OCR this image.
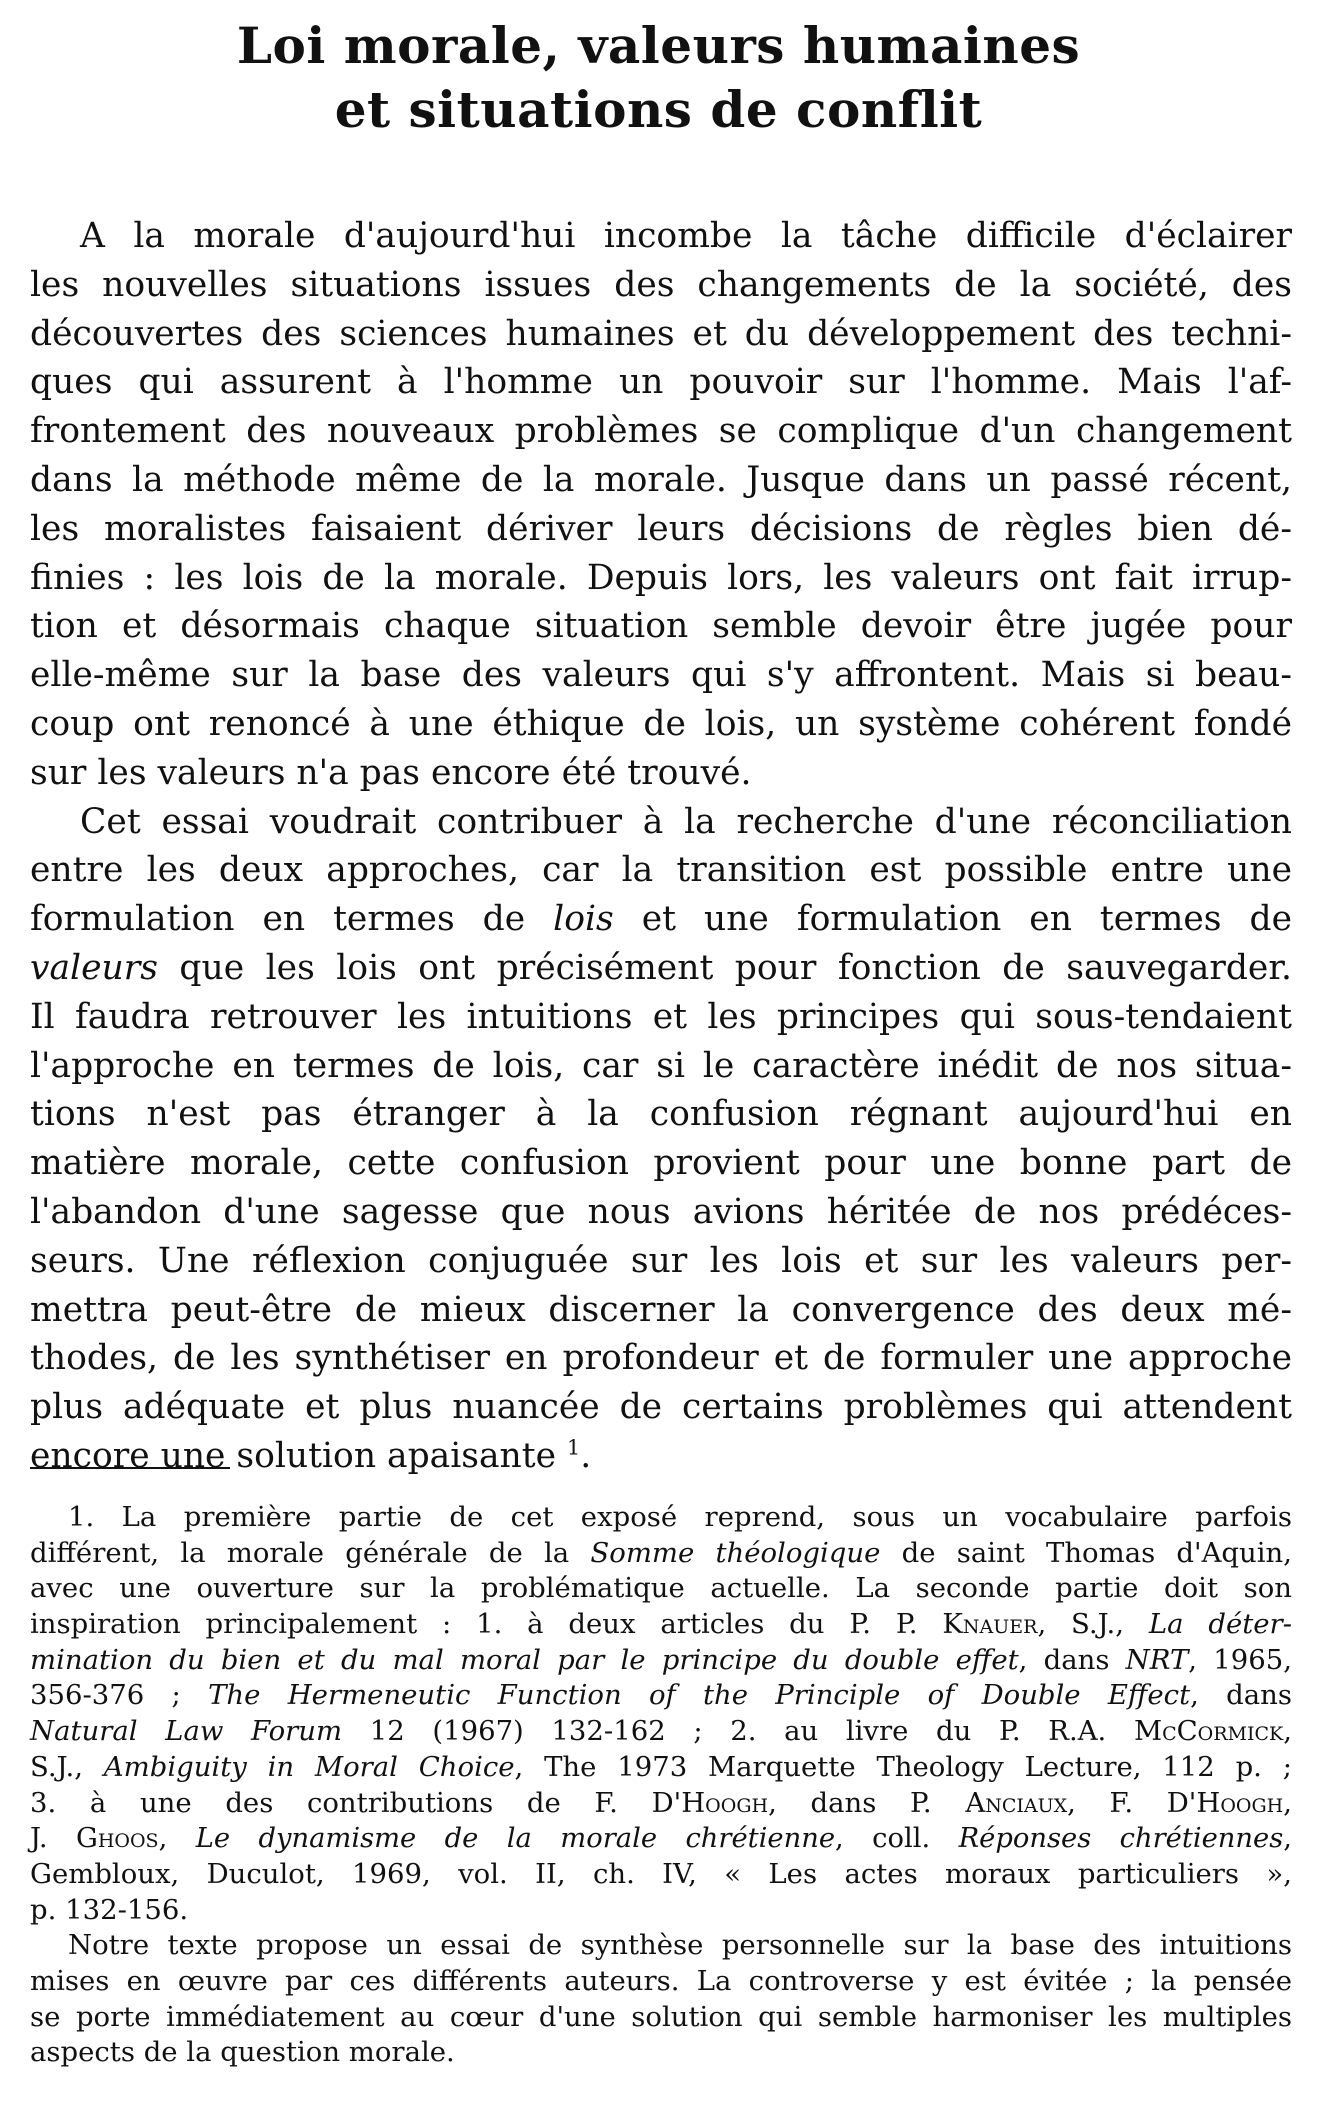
Loi morale, valeurs humaines
et situations de conflit

A la morale d'aujourd'hui incombe la tâche difficile d'éclairer
les nouvelles situations issues des changements de la société, des
découvertes des sciences humaines et du développement des techni-
ques qui assurent à l'homme un pouvoir sur l'homme. Mais l'af-
frontement des nouveaux problèmes se complique d'un changement
dans la méthode même de la morale. Jusque dans un passé récent,
les moralistes faisaient dériver leurs décisions de règles bien dé-
finies : les lois de la morale. Depuis lors, les valeurs ont fait irrup-
tion et désormais chaque situation semble devoir être jugée pour
elle-même sur la base des valeurs qui s'y affrontent. Mais si beau-
coup ont renoncé à une éthique de lois, un système cohérent fondé
sur les valeurs n'a pas encore été trouvé.

Cet essai voudrait contribuer à la recherche d'une réconciliation
entre les deux approches, car la transition est possible entre une
formulation en termes de lois et une formulation en termes de
valeurs que les lois ont précisément pour fonction de sauvegarder.
Il faudra retrouver les intuitions et les principes qui sous-tendaient
l'approche en termes de lois, car si le caractère inédit de nos situa-
tions n'est pas étranger à la confusion régnant aujourd'hui en
matière morale, cette confusion provient pour une bonne part de
l'abandon d'une sagesse que nous avions héritée de nos prédéces-
seurs. Une réflexion conjuguée sur les lois et sur les valeurs per-
mettra peut-être de mieux discerner la convergence des deux mé-
thodes, de les synthétiser en profondeur et de formuler une approche
plus adéquate et plus nuancée de certains problèmes qui attendent
encore une solution apaisante $^1$.

1. La première partie de cet exposé reprend, sous un vocabulaire parfois
différent, la morale générale de la Somme théologique de saint Thomas d'Aquin,
avec une ouverture sur la problématique actuelle. La seconde partie doit son
inspiration principalement : 1. à deux articles du P. P. Knauer, S.J., La déter-
mination du bien et du mal moral par le principe du double effet, dans NRT, 1965,
356-376 ; The Hermeneutic Function of the Principle of Double Effect, dans
Natural Law Forum 12 (1967) 132-162 ; 2. au livre du P. R.A. McCormick,
S.J., Ambiguity in Moral Choice, The 1973 Marquette Theology Lecture, 112 p. ;
3. à une des contributions de F. D'Hoogh, dans P. Anciaux, F. D'Hoogh,
J. Ghoos, Le dynamisme de la morale chrétienne, coll. Réponses chrétiennes,
Gembloux, Duculot, 1969, vol. II, ch. IV, « Les actes moraux particuliers »,
p. 132-156.
Notre texte propose un essai de synthèse personnelle sur la base des intuitions
mises en œuvre par ces différents auteurs. La controverse y est évitée ; la pensée
se porte immédiatement au cœur d'une solution qui semble harmoniser les multiples
aspects de la question morale.
